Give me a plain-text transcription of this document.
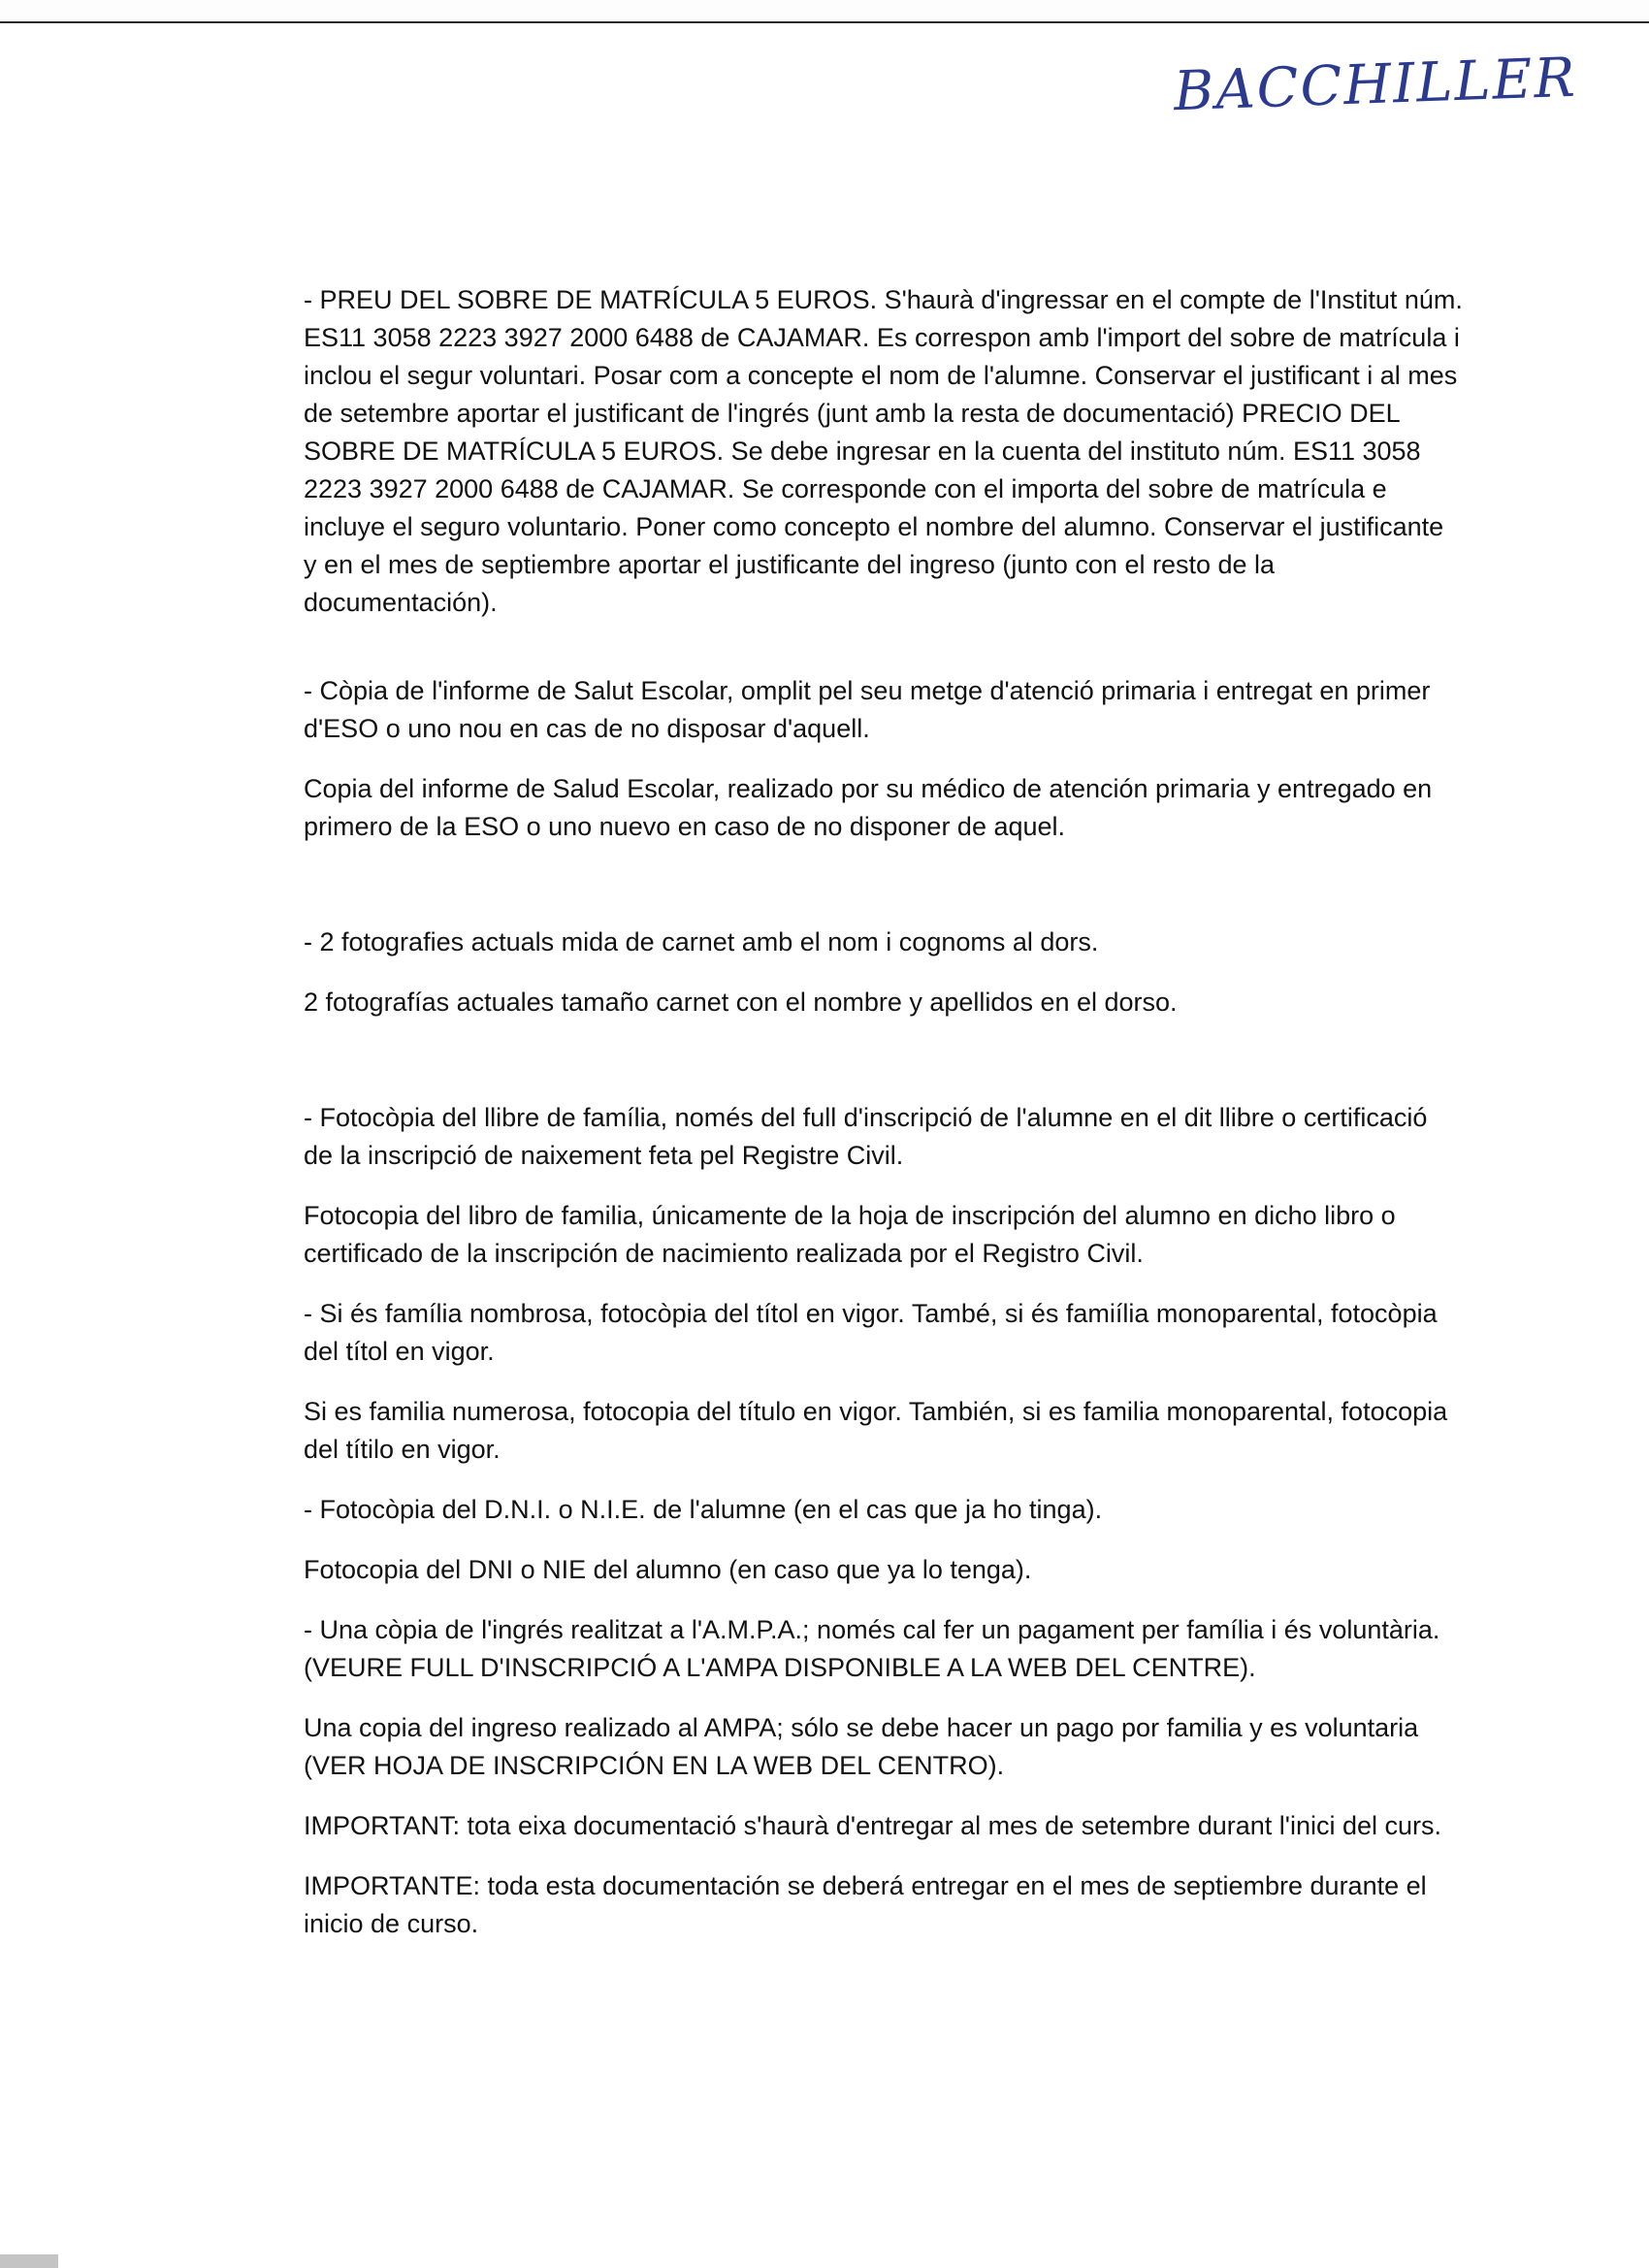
BACCHILLER

- PREU DEL SOBRE DE MATRÍCULA 5 EUROS. S'haurà d'ingressar en el compte de l'Institut núm. ES11 3058 2223 3927 2000 6488 de CAJAMAR. Es correspon amb l'import del sobre de matrícula i inclou el segur voluntari. Posar com a concepte el nom de l'alumne. Conservar el justificant i al mes de setembre aportar el justificant de l'ingrés (junt amb la resta de documentació) PRECIO DEL SOBRE DE MATRÍCULA 5 EUROS. Se debe ingresar en la cuenta del instituto núm. ES11 3058 2223 3927 2000 6488 de CAJAMAR. Se corresponde con el importa del sobre de matrícula e incluye el seguro voluntario. Poner como concepto el nombre del alumno. Conservar el justificante y en el mes de septiembre aportar el justificante del ingreso (junto con el resto de la documentación).

- Còpia de l'informe de Salut Escolar, omplit pel seu metge d'atenció primaria i entregat en primer d'ESO o uno nou en cas de no disposar d'aquell.

Copia del informe de Salud Escolar, realizado por su médico de atención primaria y entregado en primero de la ESO o uno nuevo en caso de no disponer de aquel.

- 2 fotografies actuals mida de carnet amb el nom i cognoms al dors.

2 fotografías actuales tamaño carnet con el nombre y apellidos en el dorso.

- Fotocòpia del llibre de família, només del full d'inscripció de l'alumne en el dit llibre o certificació de la inscripció de naixement feta pel Registre Civil.

Fotocopia del libro de familia, únicamente de la hoja de inscripción del alumno en dicho libro o certificado de la inscripción de nacimiento realizada por el Registro Civil.

- Si és família nombrosa, fotocòpia del títol en vigor. També, si és famiília monoparental, fotocòpia del títol en vigor.

Si es familia numerosa, fotocopia del título en vigor. También, si es familia monoparental, fotocopia del títilo en vigor.

- Fotocòpia del D.N.I. o N.I.E. de l'alumne (en el cas que ja ho tinga).

Fotocopia del DNI o NIE del alumno (en caso que ya lo tenga).

- Una còpia de l'ingrés realitzat a l'A.M.P.A.; només cal fer un pagament per família i és voluntària. (VEURE FULL D'INSCRIPCIÓ A L'AMPA DISPONIBLE A LA WEB DEL CENTRE).

Una copia del ingreso realizado al AMPA; sólo se debe hacer un pago por familia y es voluntaria (VER HOJA DE INSCRIPCIÓN EN LA WEB DEL CENTRO).

IMPORTANT: tota eixa documentació s'haurà d'entregar al mes de setembre durant l'inici del curs.

IMPORTANTE: toda esta documentación se deberá entregar en el mes de septiembre durante el inicio de curso.
